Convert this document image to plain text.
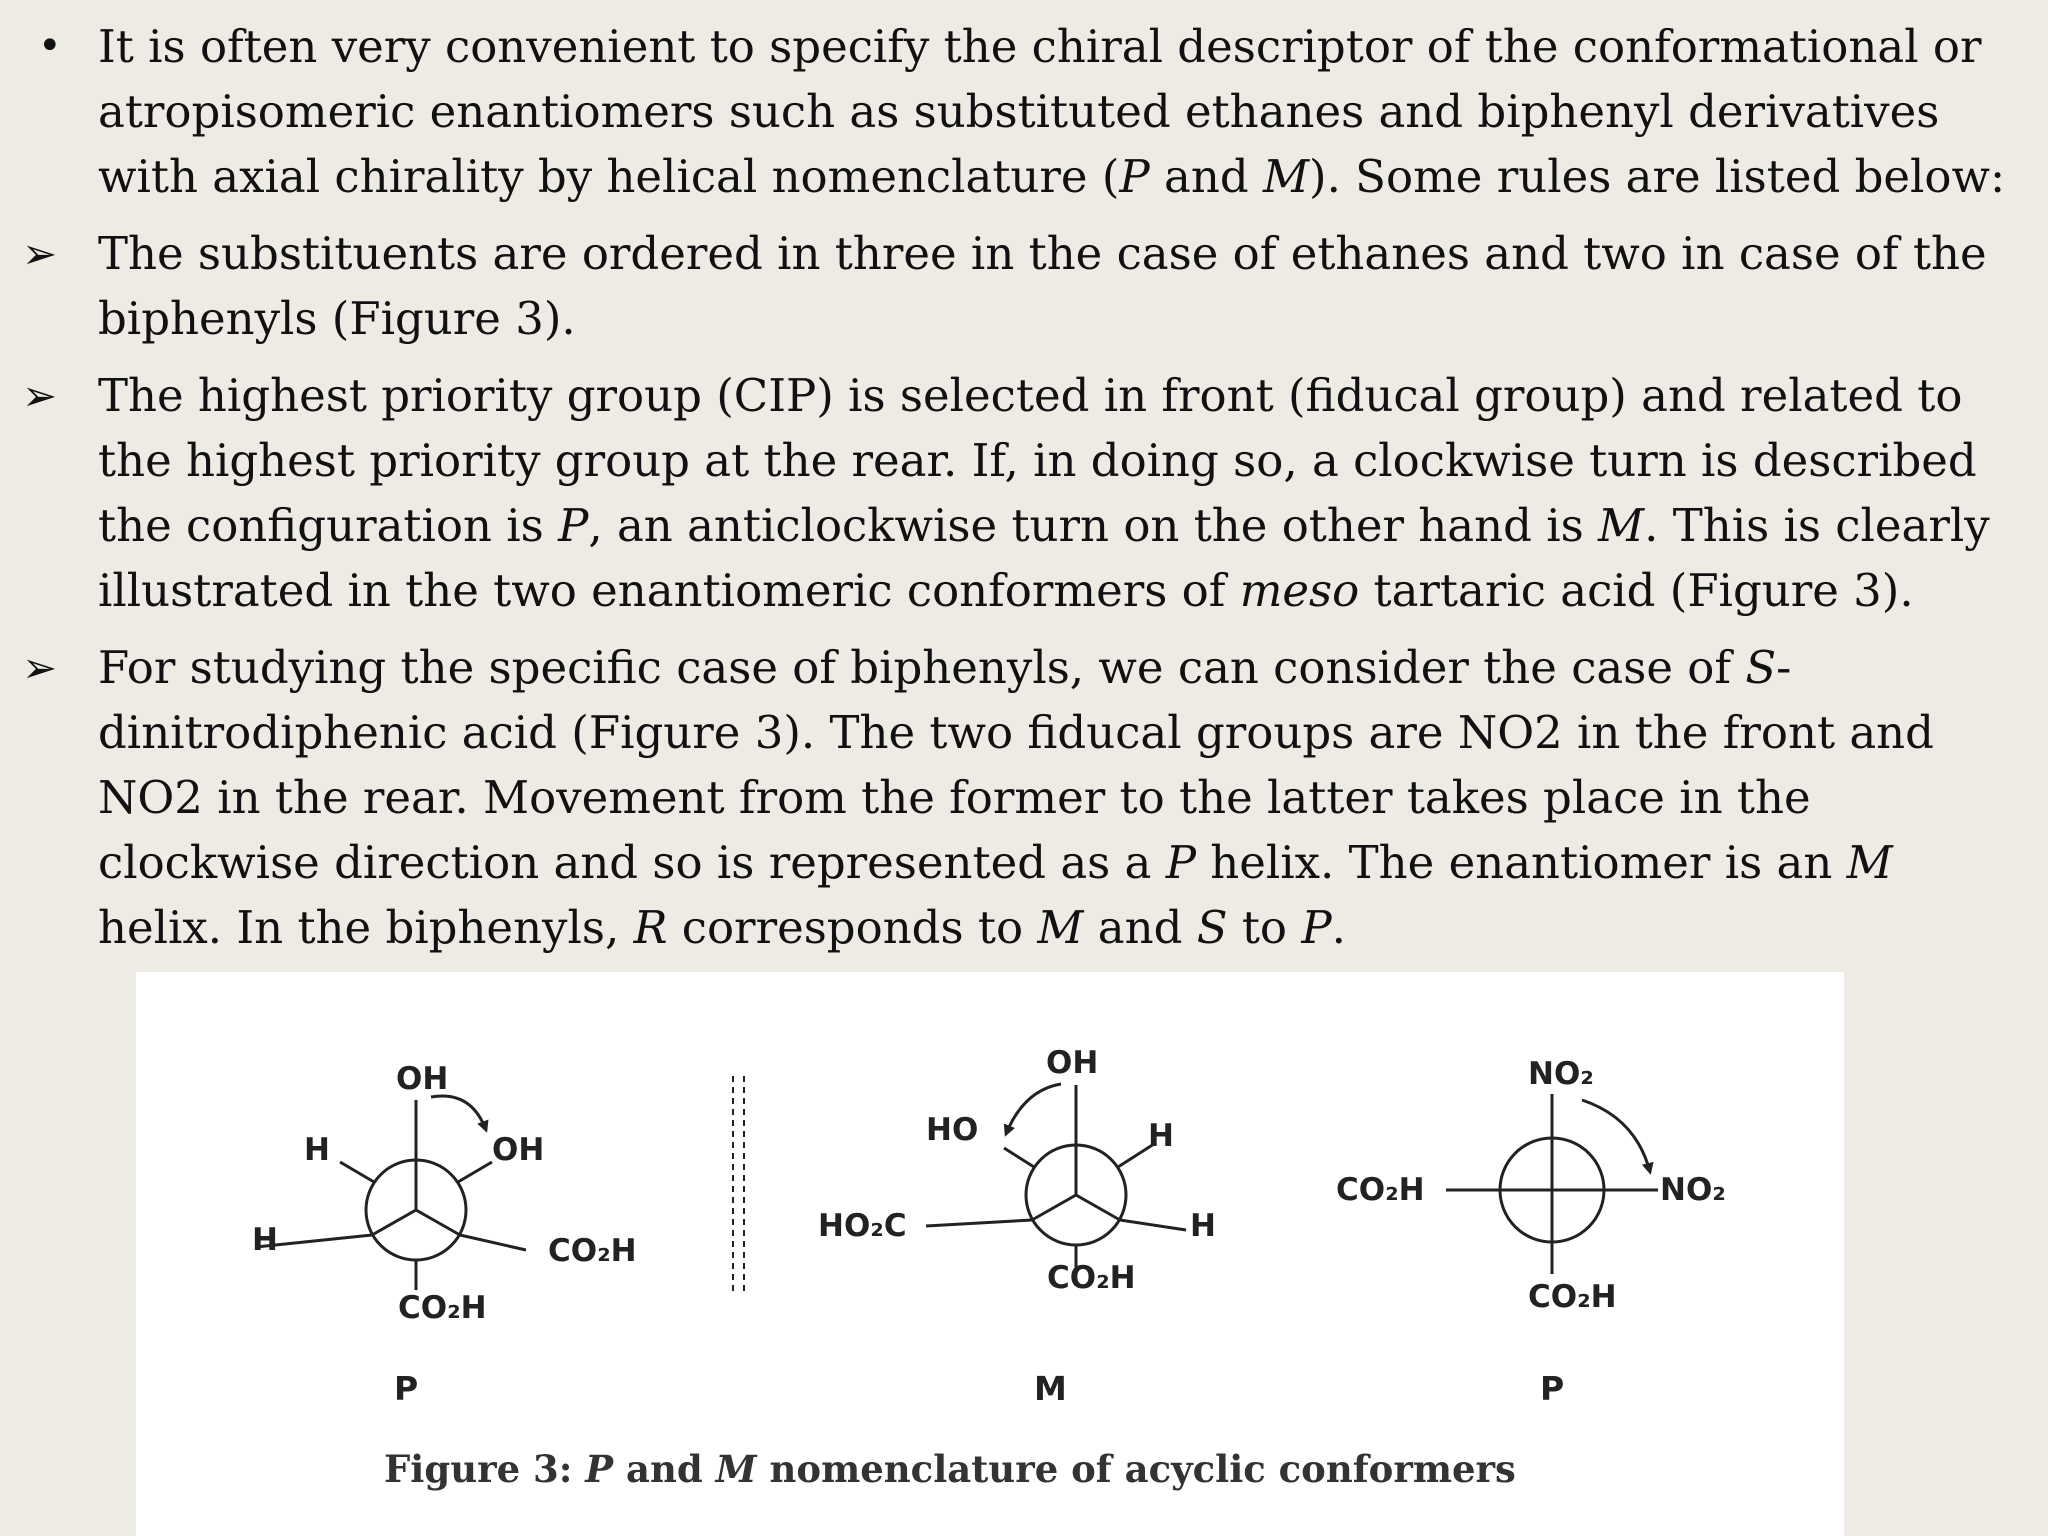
• It is often very convenient to specify the chiral descriptor of the conformational or atropisomeric enantiomers such as substituted ethanes and biphenyl derivatives with axial chirality by helical nomenclature (P and M). Some rules are listed below:
➢ The substituents are ordered in three in the case of ethanes and two in case of the biphenyls (Figure 3).
➢ The highest priority group (CIP) is selected in front (fiducal group) and related to the highest priority group at the rear. If, in doing so, a clockwise turn is described the configuration is P, an anticlockwise turn on the other hand is M. This is clearly illustrated in the two enantiomeric conformers of meso tartaric acid (Figure 3).
➢ For studying the specific case of biphenyls, we can consider the case of S-dinitrodiphenic acid (Figure 3). The two fiducal groups are NO2 in the front and NO2 in the rear. Movement from the former to the latter takes place in the clockwise direction and so is represented as a P helix. The enantiomer is an M helix. In the biphenyls, R corresponds to M and S to P.
OH
H	OH
H	CO₂H
CO₂H
P
OH
HO	H
HO₂C	H
CO₂H
M
NO₂
CO₂H	NO₂
CO₂H
P
Figure 3: P and M nomenclature of acyclic conformers
